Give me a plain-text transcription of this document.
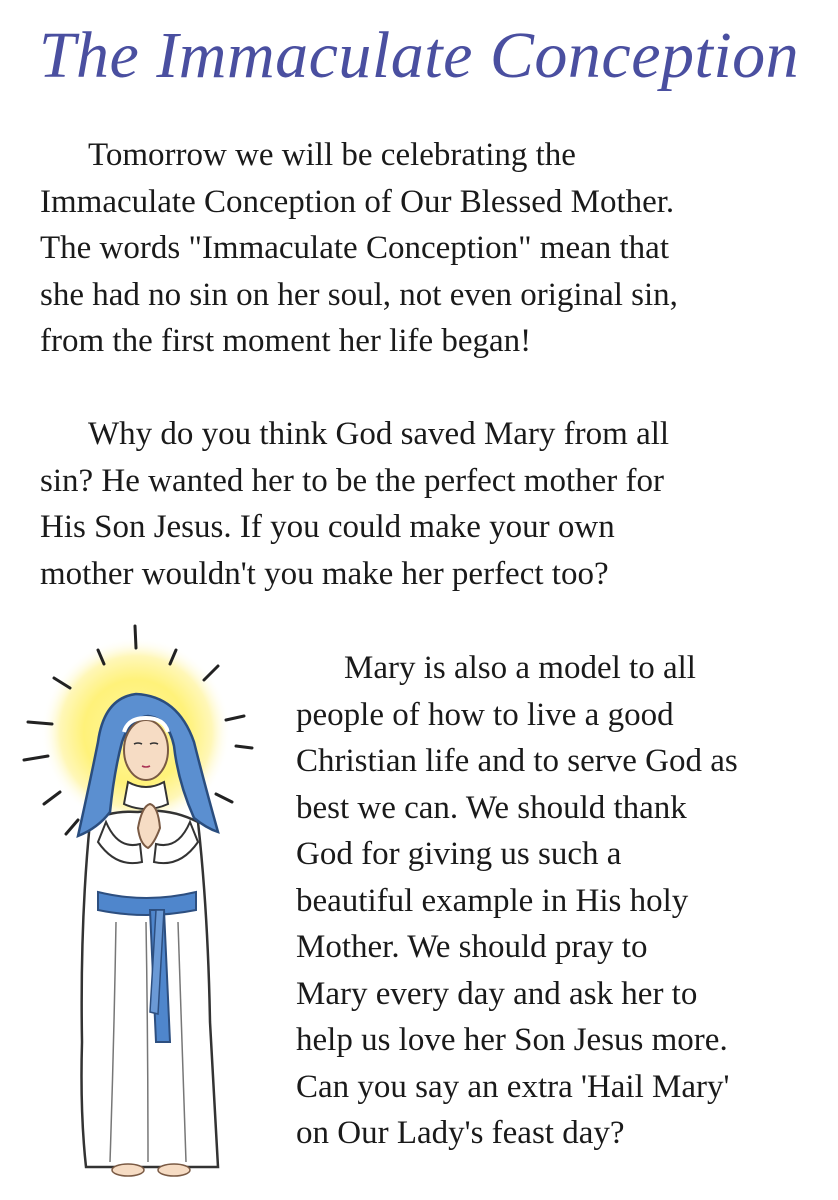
The Immaculate Conception
Tomorrow we will be celebrating the
Immaculate Conception of Our Blessed Mother.
The words "Immaculate Conception" mean that
she had no sin on her soul, not even original sin,
from the first moment her life began!
Why do you think God saved Mary from all
sin? He wanted her to be the perfect mother for
His Son Jesus. If you could make your own
mother wouldn't you make her perfect too?
Mary is also a model to all
people of how to live a good
Christian life and to serve God as
best we can. We should thank
God for giving us such a
beautiful example in His holy
Mother. We should pray to
Mary every day and ask her to
help us love her Son Jesus more.
Can you say an extra 'Hail Mary'
on Our Lady's feast day?
